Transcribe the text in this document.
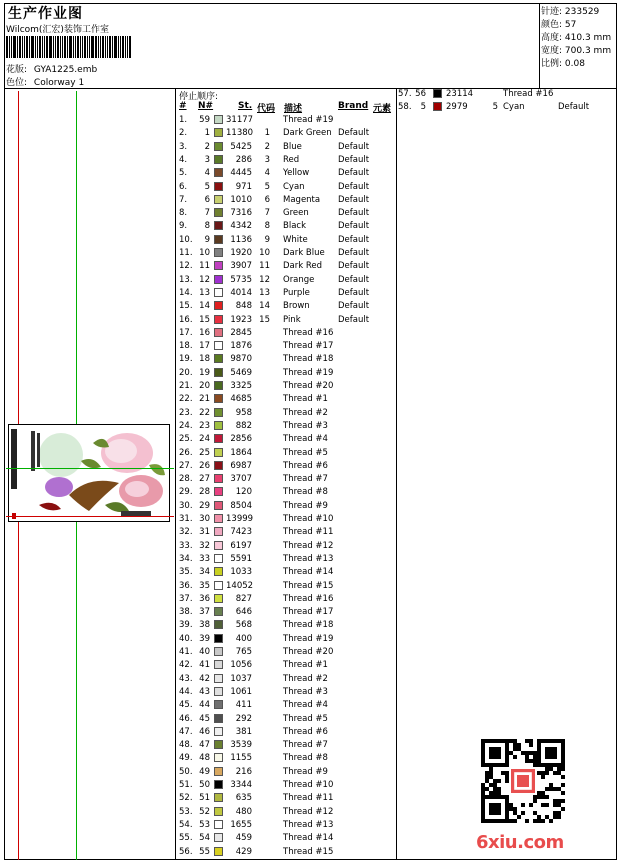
生产作业图
Wilcom(汇宏)装饰工作室
花版: GYA1225.emb
色位: Colorway 1
针迹: 233529
颜色: 57
高度: 410.3 mm
宽度: 700.3 mm
比例: 0.08
停止顺序:
# N#	St. 代码 描述	Brand 元素
1.	59 31177	Thread #19
2.	1 11380	1 Dark Green Default
3.	2	5425	2 Blue	Default
4.	3	286	3 Red	Default
5.	4	4445	4 Yellow	Default
6.	5	971	5 Cyan	Default
7.	6	1010	6 Magenta Default
8.	7	7316	7 Green	Default
9.	8	4342	8 Black	Default
10.	9	1136	9 White	Default
11. 10	1920 10 Dark Blue Default
12. 11	3907 11 Dark Red Default
13. 12	5735 12 Orange	Default
14. 13	4014 13 Purple	Default
15. 14	848 14 Brown	Default
16. 15	1923 15 Pink	Default
17. 16	2845	Thread #16
18. 17	1876	Thread #17
19. 18	9870	Thread #18
20. 19	5469	Thread #19
21. 20	3325	Thread #20
22. 21	4685	Thread #1
23. 22	958	Thread #2
24. 23	882	Thread #3
25. 24	2856	Thread #4
26. 25	1864	Thread #5
27. 26	6987	Thread #6
28. 27	3707	Thread #7
29. 28	120	Thread #8
30. 29	8504	Thread #9
31. 30 13999	Thread #10
32. 31	7423	Thread #11
33. 32	6197	Thread #12
34. 33	5591	Thread #13
35. 34	1033	Thread #14
36. 35 14052	Thread #15
37. 36	827	Thread #16
38. 37	646	Thread #17
39. 38	568	Thread #18
40. 39	400	Thread #19
41. 40	765	Thread #20
42. 41	1056	Thread #1
43. 42	1037	Thread #2
44. 43	1061	Thread #3
45. 44	411	Thread #4
46. 45	292	Thread #5
47. 46	381	Thread #6
48. 47	3539	Thread #7
49. 48	1155	Thread #8
50. 49	216	Thread #9
51. 50	3344	Thread #10
52. 51	635	Thread #11
53. 52	480	Thread #12
54. 53	1655	Thread #13
55. 54	459	Thread #14
56. 55	429	Thread #15
57. 56 23114	Thread #16
58.	5 2979	5 Cyan	Default
6xiu.com
